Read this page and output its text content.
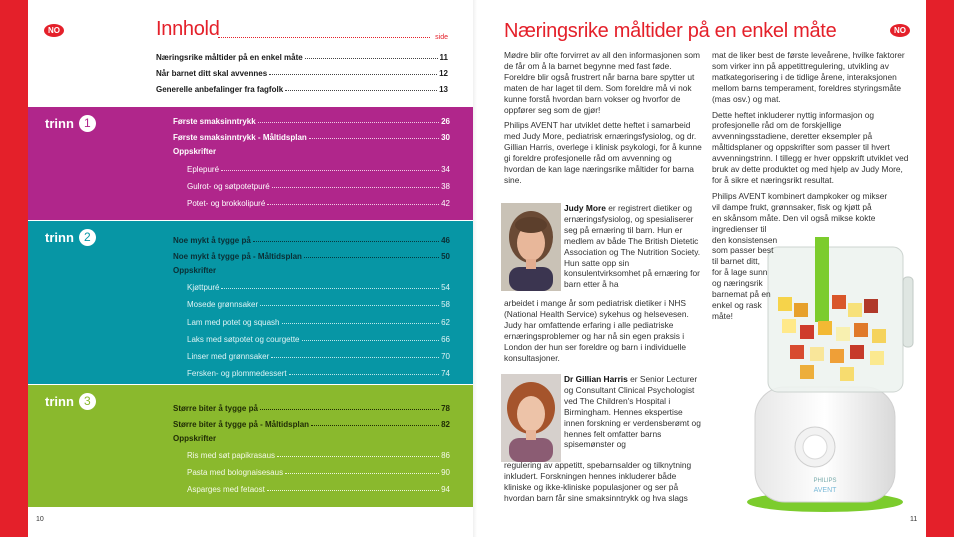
NO	Innhold	side
Næringsrike måltider på en enkel måte	11
Når barnet ditt skal avvennes	12
Generelle anbefalinger fra fagfolk	13
trinn 1	Første smaksinntrykk	26
Første smaksinntrykk - Måltidsplan	30
Oppskrifter
Eplepuré	34
Gulrot- og søtpotetpuré	38
Potet- og brokkolipuré	42
trinn 2	Noe mykt å tygge på	46
Noe mykt å tygge på - Måltidsplan	50
Oppskrifter
Kjøttpuré	54
Mosede grønnsaker	58
Lam med potet og squash	62
Laks med søtpotet og courgette	66
Linser med grønnsaker	70
Fersken- og plommedessert	74
trinn 3
Større biter å tygge på	78
Større biter å tygge på - Måltidsplan	82
Oppskrifter
Ris med søt papikrasaus	86
Pasta med bolognaisesaus	90
Asparges med fetaost	94
10
NO
Næringsrike måltider på en enkel måte

Mødre blir ofte forvirret av all den informasjonen som de får om å la barnet begynne med fast føde. Foreldre blir også frustrert når barna bare spytter ut maten de har laget til dem. Som foreldre må vi nok kunne forstå hvordan barn vokser og hvorfor de oppfører seg som de gjør!

Philips AVENT har utviklet dette heftet i samarbeid med Judy More, pediatrisk ernæringsfysiolog, og dr. Gillian Harris, overlege i klinisk psykologi, for å kunne gi foreldre profesjonelle råd om avvenning og hvordan de kan lage næringsrike måltider for barna sine.

Judy More er registrert dietiker og ernæringsfysiolog, og spesialiserer seg på ernæring til barn. Hun er medlem av både The British Dietetic Association og The Nutrition Society. Hun satte opp sin konsulentvirksomhet på ernæring for barn etter å ha

arbeidet i mange år som pediatrisk dietiker i NHS (National Health Service) sykehus og helsevesen. Judy har omfattende erfaring i alle pediatriske ernæringsproblemer og har nå sin egen praksis i London der hun ser foreldre og barn i individuelle konsultasjoner.

Dr Gillian Harris er Senior Lecturer og Consultant Clinical Psychologist ved The Children's Hospital i Birmingham. Hennes ekspertise innen forskning er verdensberømt og hennes felt omfatter barns spisemønster og

regulering av appetitt, spebarnsalder og tilknytning inkludert. Forskningen hennes inkluderer både kliniske og ikke-kliniske populasjoner og ser på hvordan barn får sine smaksinntrykk og hva slags

PHILIPS
AVENT

mat de liker best de første leveårene, hvilke faktorer som virker inn på appetittregulering, utvikling av matkategorisering i de tidlige årene, interaksjonen mellom barns temperament, foreldres styringsmåte (mas osv.) og mat.

Dette heftet inkluderer nyttig informasjon og profesjonelle råd om de forskjellige avvenningsstadiene, deretter eksempler på måltidsplaner og oppskrifter som passer til hvert avvenningstrinn. I tillegg er hver oppskrift utviklet ved bruk av dette produktet og med hjelp av Judy More, for å sikre et næringsrikt resultat.

Philips AVENT kombinert dampkoker og mikser
vil dampe frukt, grønnsaker, fisk og kjøtt på
en skånsom måte. Den vil også mikse kokte
ingredienser til
den konsistensen
som passer best
til barnet ditt,
for å lage sunn
og næringsrik
barnemat på en
enkel og rask
måte!
11
